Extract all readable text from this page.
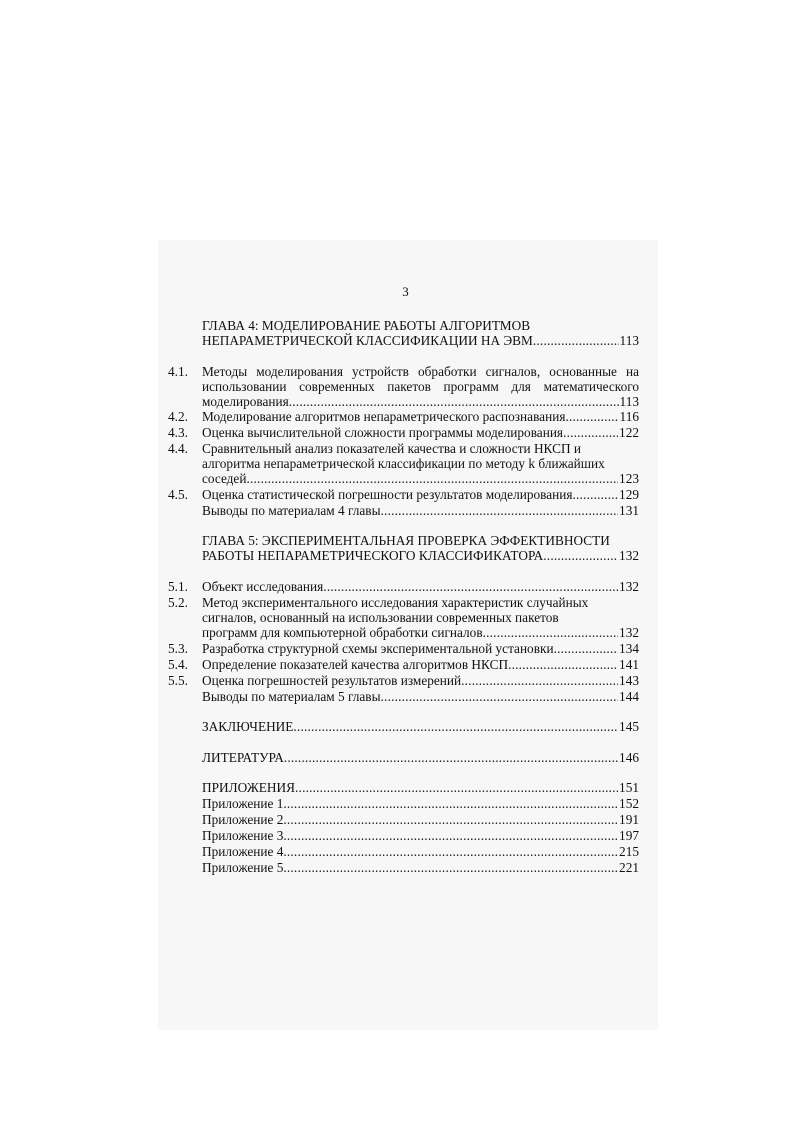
3
ГЛАВА 4: МОДЕЛИРОВАНИЕ РАБОТЫ АЛГОРИТМОВ
НЕПАРАМЕТРИЧЕСКОЙ КЛАССИФИКАЦИИ НА ЭВМ .....	113
4.1.	Методы моделирования устройств обработки сигналов, основанные на
использовании современных пакетов программ для математического
моделирования .....	113
4.2.	Моделирование алгоритмов непараметрического распознавания .....	116
4.3.	Оценка вычислительной сложности программы моделирования .....	122
4.4.	Сравнительный анализ показателей качества и сложности НКСП и
алгоритма непараметрической классификации по методу k ближайших
соседей .....	123
4.5.	Оценка статистической погрешности результатов моделирования .....	129
Выводы по материалам 4 главы .....	131
ГЛАВА 5: ЭКСПЕРИМЕНТАЛЬНАЯ ПРОВЕРКА ЭФФЕКТИВНОСТИ
РАБОТЫ НЕПАРАМЕТРИЧЕСКОГО КЛАССИФИКАТОРА .....	132
5.1.	Объект исследования .....	132
5.2.	Метод экспериментального исследования характеристик случайных
сигналов, основанный на использовании современных пакетов
программ для компьютерной обработки сигналов .....	132
5.3.	Разработка структурной схемы экспериментальной установки .....	134
5.4.	Определение показателей качества алгоритмов НКСП .....	141
5.5.	Оценка погрешностей результатов измерений .....	143
Выводы по материалам 5 главы .....	144
ЗАКЛЮЧЕНИЕ .....	145
ЛИТЕРАТУРА .....	146
ПРИЛОЖЕНИЯ .....	151
Приложение 1 .....	152
Приложение 2 .....	191
Приложение 3 .....	197
Приложение 4 .....	215
Приложение 5 .....	221
